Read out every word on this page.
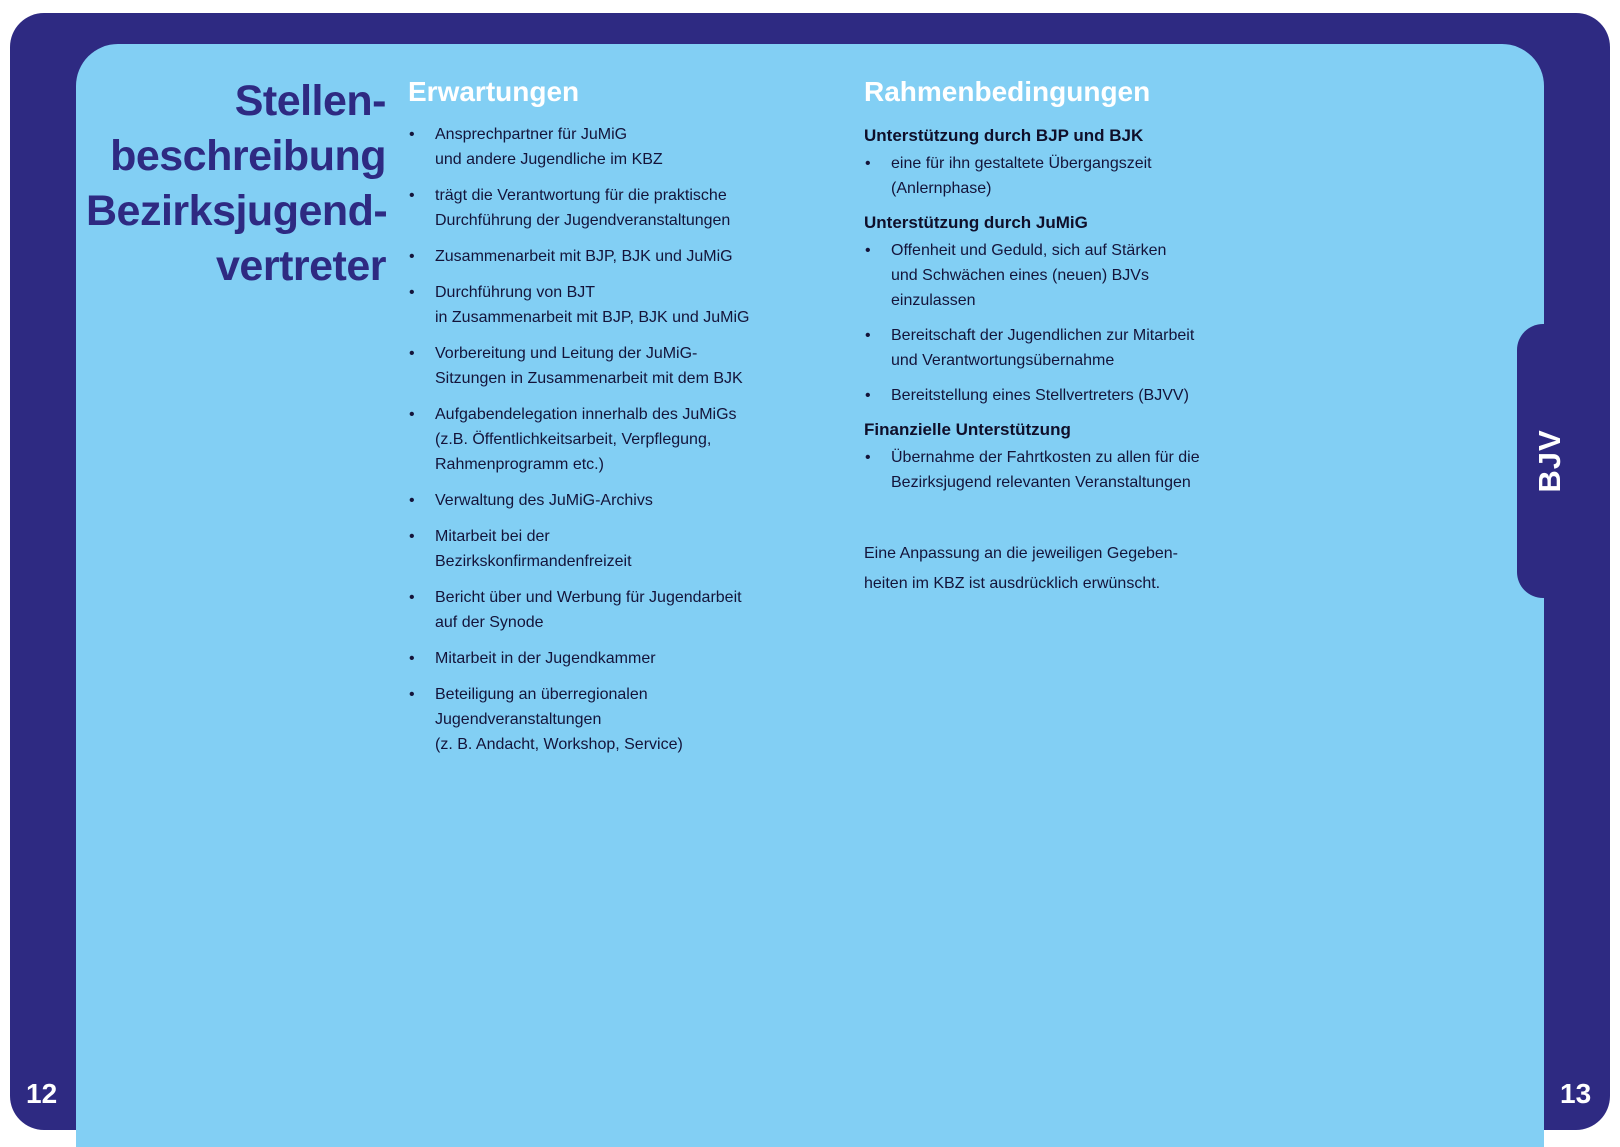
BJV
12	13
Stellen-
beschreibung
Bezirksjugend-
vertreter
Erwartungen
• Ansprechpartner für JuMiG
und andere Jugendliche im KBZ
• trägt die Verantwortung für die praktische
Durchführung der Jugendveranstaltungen
• Zusammenarbeit mit BJP, BJK und JuMiG
• Durchführung von BJT
in Zusammenarbeit mit BJP, BJK und JuMiG
• Vorbereitung und Leitung der JuMiG-
Sitzungen in Zusammenarbeit mit dem BJK
• Aufgabendelegation innerhalb des JuMiGs
(z.B. Öffentlichkeitsarbeit, Verpflegung,
Rahmenprogramm etc.)
• Verwaltung des JuMiG-Archivs
• Mitarbeit bei der
Bezirkskonfirmandenfreizeit
• Bericht über und Werbung für Jugendarbeit
auf der Synode
• Mitarbeit in der Jugendkammer
• Beteiligung an überregionalen
Jugendveranstaltungen
(z. B. Andacht, Workshop, Service)
Rahmenbedingungen
Unterstützung durch BJP und BJK
• eine für ihn gestaltete Übergangszeit
(Anlernphase)
Unterstützung durch JuMiG
• Offenheit und Geduld, sich auf Stärken
und Schwächen eines (neuen) BJVs
einzulassen
• Bereitschaft der Jugendlichen zur Mitarbeit
und Verantwortungsübernahme
• Bereitstellung eines Stellvertreters (BJVV)
Finanzielle Unterstützung
• Übernahme der Fahrtkosten zu allen für die
Bezirksjugend relevanten Veranstaltungen

Eine Anpassung an die jeweiligen Gegeben-
heiten im KBZ ist ausdrücklich erwünscht.
